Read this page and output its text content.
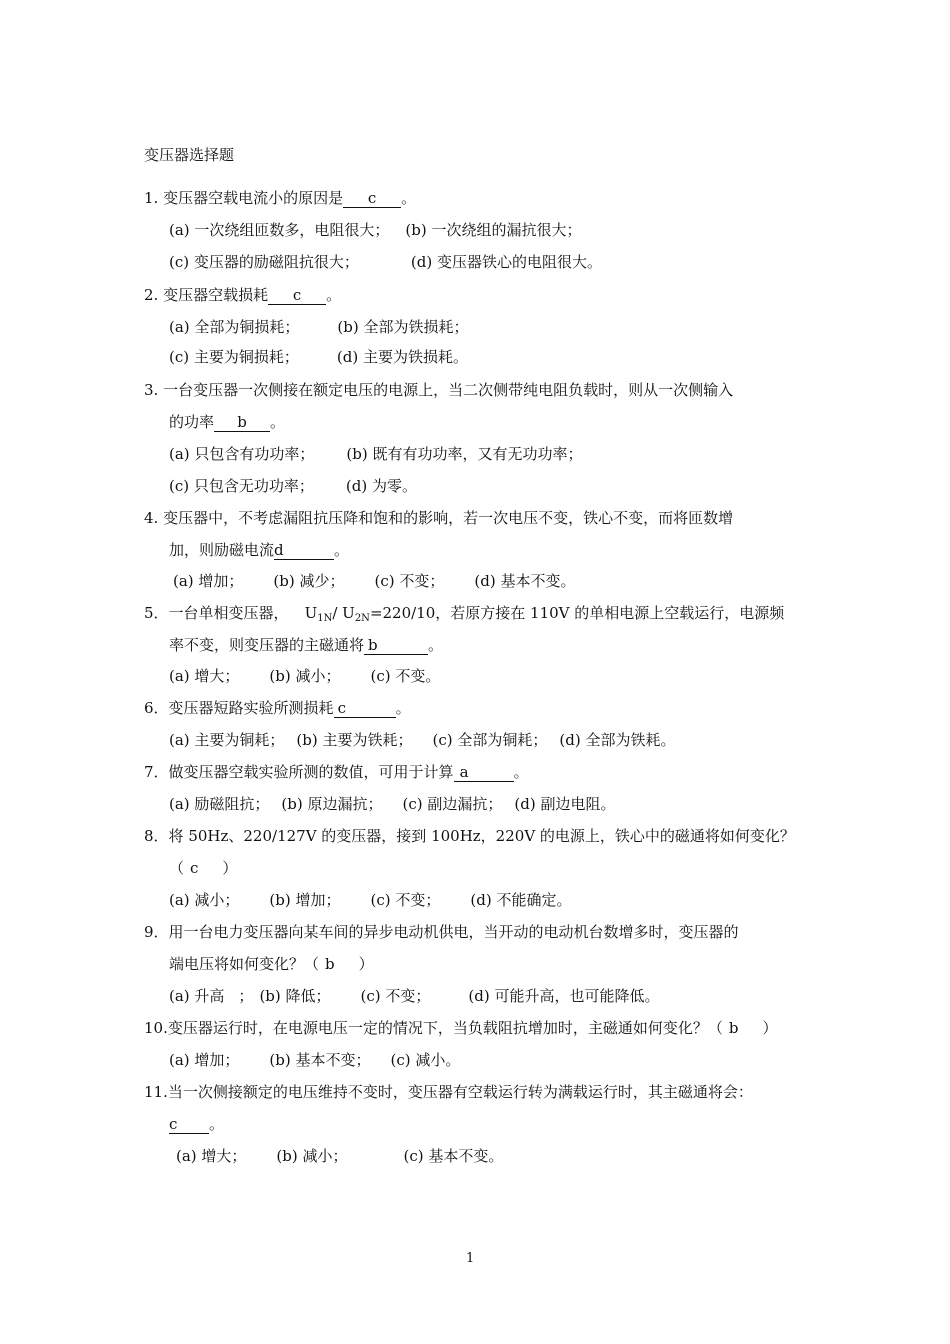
变压器选择题
1. 变压器空载电流小的原因是 c 。
(a) 一次绕组匝数多，电阻很大； (b) 一次绕组的漏抗很大；
(c) 变压器的励磁阻抗很大；	(d) 变压器铁心的电阻很大。
2. 变压器空载损耗 c 。
(a) 全部为铜损耗；	(b) 全部为铁损耗；
(c) 主要为铜损耗；	(d) 主要为铁损耗。
3. 一台变压器一次侧接在额定电压的电源上，当二次侧带纯电阻负载时，则从一次侧输入
的功率 b 。
(a) 只包含有功功率； (b) 既有有功功率，又有无功功率；
(c) 只包含无功功率； (d) 为零。
4. 变压器中，不考虑漏阻抗压降和饱和的影响，若一次电压不变，铁心不变，而将匝数增
加，则励磁电流d	。
(a) 增加； (b) 减少； (c) 不变； (d) 基本不变。
5．一台单相变压器， $U_{1N}/$ $U_{2N}=220/10$，若原方接在 110V 的单相电源上空载运行，电源频
率不变，则变压器的主磁通将 b	。
(a) 增大； (b) 减小； (c) 不变。
6．变压器短路实验所测损耗 c	。
(a) 主要为铜耗； (b) 主要为铁耗； (c) 全部为铜耗； (d) 全部为铁耗。
7．做变压器空载实验所测的数值，可用于计算 a	。
(a) 励磁阻抗； (b) 原边漏抗； (c) 副边漏抗； (d) 副边电阻。
8．将 50Hz、220/127V 的变压器，接到 100Hz，220V 的电源上，铁心中的磁通将如何变化？
（ c ）
(a) 减小； (b) 增加； (c) 不变； (d) 不能确定。
9．用一台电力变压器向某车间的异步电动机供电，当开动的电动机台数增多时，变压器的
端电压将如何变化？（ b ）
(a) 升高 ； (b) 降低； (c) 不变；	(d) 可能升高，也可能降低。
10.变压器运行时，在电源电压一定的情况下，当负载阻抗增加时，主磁通如何变化？（ b ）
(a) 增加； (b) 基本不变； (c) 减小。
11.当一次侧接额定的电压维持不变时，变压器有空载运行转为满载运行时，其主磁通将会：
c 。
(a) 增大； (b) 减小；	(c) 基本不变。
1
